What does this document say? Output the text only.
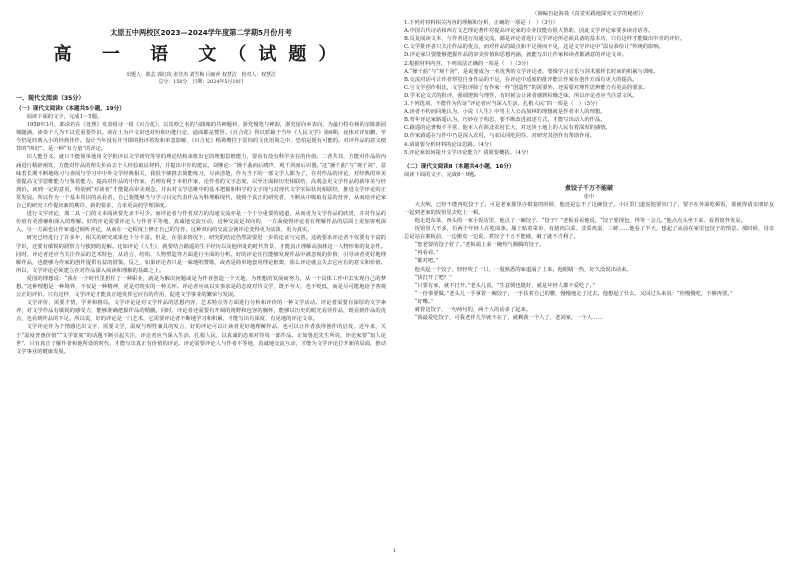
太原五中两校区2023—2024学年度第二学期5月份月考
高 一 语 文（试题）
出题人：陈芸 郭红玫 张佳杰 刘雪梅 闫丽萍 权慧洁　校对人：权慧洁
总分：150分　日期：2024年5月10日
一、现代文阅读（35分）
（一）现代文阅读Ⅰ（本题共5小题，19分）

阅读下面的文字，完成1～5题。

1958年3月，郭沫若在《处理》发表组诗一组《百合花》，以其吵之名的与践睹的共神题材，浙党慢笔与神韵，浙究留向乡表向，为最行特在杨的亲陈郭园城随满，读奏个人为不以党重要作识。读在土为卢文识也对纷和历能行论，通面都是赞誉。《百合花》得以轿载于当年《人民文学》第6期，夜体对评如鹏，至今仍是经典入小的经典佳作。设计当年没有并当即的批评着发和单忽影解，《百合花》稍鼻膺挂于雷钧的文化语境之中，恐怕是既有可能的。对评作品的意义便替的“叫好”，是一种“有力量”的评论。

识人能吾义，就只不能简单地用文学批评以文学研究等等的理论结构来框出它的理想思维能力，要看有没有科学实在的价值。二者共其，方能对作品的内涵进行精辟阐发，方能对作品的理失价由去个人经验取证材料，并提出中肯的建议。刘继论：“操千曲而后晓声，观千剑而后识器。”这“操千曲”与“观千剑”，意味着长期不断地练习与查阅与学习中中外文学经典相关，我很不够推去简能练习，尽读清楚，作为当下的一部文学人都为了，在对作品的评论，对经典的审美要提高文学思维能力与鉴赏能力。提高对作品的中作家，否则有利于本机作家，论作者的文字态度，以至正面和历史相联结，高观念更文学作品的新审美与经典价。读到一定的意更，特别到“对读者”才能提高审美观念，并由对文学思维中的基本把握和科学的文字现与对现代文学实际状况相联结，推进文学评论的正常发展。所以作为一个基本常识的从业者，自己要能够当与学习目完代表作品为科理解现代，使到个真正的研究者，不断从中吸取有益的营养，从而给评论家自己的研究工作提出新的期许、新的要求，力求更高的学理深度。

进行文学评论，离二具一门的文本阅读要先求不可少。而评论者与作者双方的沟通交流亦是一个十分重要的通道，从而更为文学作品的欣赏，并对作品的价值有更准确和深入的理解。好的评论需要评论人与作者平等地、真诚地交流互动，这种交流是双向的，一方面使得评论者在理解作品的层面上更加客观深入，另一方面也让作家通过倾听评论，从而在一定程度上修正自己的写作。这种双向的交流会使评论变得更为活泼、更为真实。

研究已经进行了许多年，相关的研究成果也十分丰富。但是，在很多情况下，研究的结论仍然需要进一步的论证与完善。这就要求评论者不仅要有丰富的学识，还要有敏锐的洞察力与独到的见解。比如评论《人生》，就要结合路遥的生平经历以及他所处的时代背景，才能真正理解高加林这一人物形象的复杂性。同时，评论者还应当关注作品的艺术特色，从语言、结构、人物塑造等方面进行全面的分析。好的评论往往能够发现作品中被忽视的价值，引导读者更好地理解作品，也能够为作家的创作提供有益的借鉴。反之，如果评论者只是一味地唱赞歌，或者是简单地套用理论框架，那么评论就会失去它应有的意义和价值。所以，文学评论必须建立在对作品深入阅读和理解的基础之上。

爱国的理想说：“我在一个时代里担任了一种职业，就是为解决问题或是为作者创造一个天地，为理想的发展而努力，从一个具体工作中去实现自己的梦想。”这种理想是一种境界，不仅是一种精神，更是对现实的一种关怀。评论者应该以实事求是的态度对待文学，既不夸大，也不贬低，而是尽可能地给予客观公正的评价。只有这样，文学评论才能真正地发挥它应有的作用，促进文学事业的繁荣与发展。

文学评价，需要才情，学养和格局。文学评论是对文学作品的思想内容、艺术特点等方面进行分析和评价的一种文学活动。评论者需要有深厚的文学素养，对文学作品有敏锐的感受力，能够准确把握作品的精髓。同时，评论者还需要有开阔的视野和包容的胸怀，能够以历史的眼光看待作品，既看到作品的优点，也看到作品的不足。所以说，好的评论是一门艺术，它需要评论者不断地学习和积累，才能写出有深度、有见地的评论文章。

文学评论作为个情感达出文字，需要文学，温度与理性兼具的发言，好的评论可以让读者更好地理解作品，也可以让作者获得创作的启发。近年来，关于“温度普惠价值”“文学宽度”的话题不断引起关注，评论者应当深入生活，扎根人民，以真诚的态度对待每一部作品。正如鲁迅先生所说，评论家要“知人论世”，只有真正了解作者和他所处的时代，才能写出真正有价值的评论。评论需要评论人与作者平等地、真诚地交流互动，才能为文学评论打开新的局面，推动文学事业的健康发展。

（摘编自赵海菱《真觉实践地探究文学的秘密》）

1.下列对材料相关内容的理解和分析，正确的一项是（　）（3分）

A.中国古代诗话和西方文艺理论著作对提高评论家的专业技能有很大帮助，因此文学评论家要多读诗话等。

B.反复阅读文本，与作者进行沟通交流，都是评论者进行文学评论所必须具备的基本功，只有这样才能做出中肯的评价。

C.文学批评者只关注作品的优点，而对作品的缺点和不足视而不见，这是文学评论中“温良恭俭让”传统的影响。

D.评论家只要能够把握作品的审美价值和思想内涵，就能写出让作家和读者都满意的评论文章。

2.根据材料内容，下列说法正确的一项是（　）（3分）

A.“操千曲”与“观千剑”，是说要成为一名优秀的文学评论者，要像学习音乐与剑术那样长时间的积累与训练。

B.交流对话可让作者察觉自身作品的不足，在评论中适度的批评能让作家在创作方面有更大的提高。

C.与文学创作相比，文学批评除了有作家一样“创造性”的需要外，还需要对理性思辨能力有更高的要求。

D.学术论文式的批评，强调逻辑与理性，有时候会让读者感到枯燥乏味，所以评论者应当注意文风。

3.下列选项，不能作为佐证“评论者应当深入生活，扎根人民”的一项是（　）（3分）

A.读者不约而同地认为，小说《人生》中男主人公高加林的理想就是作者本人的理想。

B.育年评论家路遥认为，巧妙在于构思，要不断改进叙述方式，才能写出动人的作品。

C.路遥的论著极不平常，他本人在陕北农村长大，对这块土地上的人民有着深厚的感情。

D.作家路遥在写作中乃是深入农村，与农民同吃同住，对研究其创作有帮助作用。

4.请简要分析材料的论证思路。（4分）

5.评论家如何提升文学评论能力？请简要概括。（4分）

（二）现代文阅读Ⅱ（本题共4小题，16分）

阅读下面的文字，完成6～9题。

煮饺子千万不能破

张中

大夫呐，已经不能再吃饺子了。可是老家那里办婚宴的时候，他还是忘不了这碗饺子。小区里门道说他要出门了，要不在外面吃顿饭，那就得请亲朋好友一起到老家的饭馆里去吃上一顿。

他走进东菜，西头的一家小饭店里，他点了一碗饺子。“饺子？”老板看看他说，“饺子要现包，得等一会儿。”他点点头坐下来，看着窗外发呆。

饭馆里人不多，有两个年轻人在吃面条。墙上贴着菜单，有猪肉白菜、韭菜鸡蛋、三鲜……他看了半天，想起了从前在家里包饺子的情景。那时候，母亲总是站在案板前，一边擀皮一边说，煮饺子千万不能破，破了就不吉利了。

“您老要的饺子好了。”老板端上来一碗热气腾腾的饺子。

“再看看。”

“都对吧。”

他夹起一个饺子，轻轻咬了一口，一股熟悉的味道涌了上来。他眼睛一热，好久没说出话来。

“快打开了吧？”

“只要有家，就不打开。”老头儿说，“生意倒也挺好，就是年轻人都不爱吃了。”

“一份事要做。”老头儿一手拿着一碗饺子，一手扶着自己的腰，慢慢地走了过去。他想起了什么，又回过头来说：“你慢慢吃，不够再要。”

“好嘞。”

就着这饺子，一句两句的，两个人的话多了起来。

“我最爱吃饺子，可我老伴儿早就不在了，就剩我一个人了，老刘家，一个人……

1
